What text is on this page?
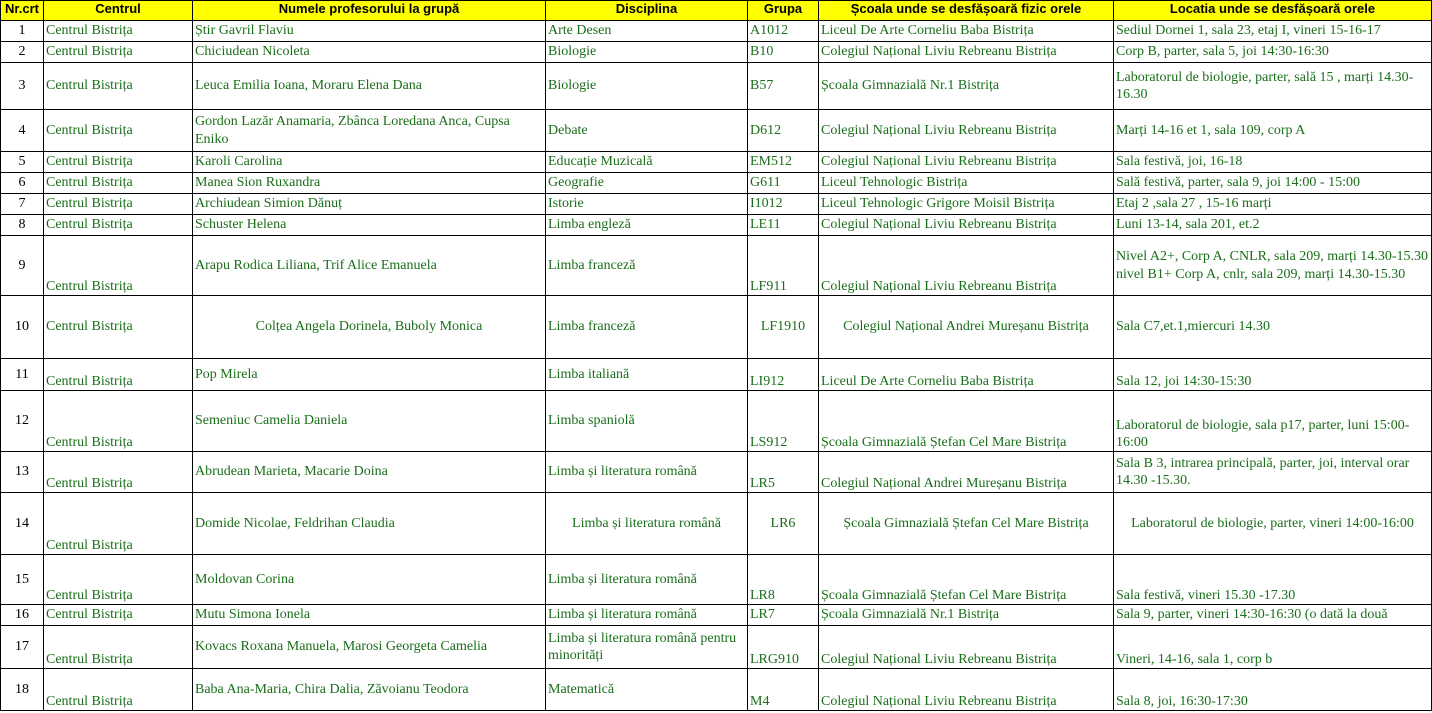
Nr.crt	Centrul	Numele profesorului la grupă	Disciplina	Grupa	Școala unde se desfășoară fizic orele	Locatia unde se desfășoară orele
1	Centrul Bistrița	Știr Gavril Flaviu	Arte Desen	A1012	Liceul De Arte Corneliu Baba Bistrița	Sediul Dornei 1, sala 23, etaj I, vineri 15-16-17
2	Centrul Bistrița	Chiciudean Nicoleta	Biologie	B10	Colegiul Național Liviu Rebreanu Bistrița	Corp B, parter, sala 5, joi 14:30-16:30
3	Centrul Bistrița	Leuca Emilia Ioana, Moraru Elena Dana	Biologie	B57	Școala Gimnazială Nr.1 Bistrița	Laboratorul de biologie, parter, sală 15 , marți 14.30- 16.30
4	Centrul Bistrița	Gordon Lazăr Anamaria, Zbânca Loredana Anca, Cupsa Eniko	Debate	D612	Colegiul Național Liviu Rebreanu Bistrița	Marți 14-16 et 1, sala 109, corp A
5	Centrul Bistrița	Karoli Carolina	Educație Muzicală	EM512	Colegiul Național Liviu Rebreanu Bistrița	Sala festivă, joi, 16-18
6	Centrul Bistrița	Manea Sion Ruxandra	Geografie	G611	Liceul Tehnologic Bistrița	Sală festivă, parter, sala 9, joi 14:00 - 15:00
7	Centrul Bistrița	Archiudean Simion Dănuț	Istorie	I1012	Liceul Tehnologic Grigore Moisil Bistrița	Etaj 2 ,sala 27 , 15-16 marți
8	Centrul Bistrița	Schuster Helena	Limba engleză	LE11	Colegiul Național Liviu Rebreanu Bistrița	Luni 13-14, sala 201, et.2
9	Centrul Bistrița	Arapu Rodica Liliana, Trif Alice Emanuela	Limba franceză	LF911	Colegiul Național Liviu Rebreanu Bistrița	Nivel A2+, Corp A, CNLR, sala 209, marți 14.30-15.30 nivel B1+ Corp A, cnlr, sala 209, marți 14.30-15.30
10	Centrul Bistrița	Colțea Angela Dorinela, Buboly Monica	Limba franceză	LF1910	Colegiul Național Andrei Mureșanu Bistrița	Sala C7,et.1,miercuri 14.30
11	Centrul Bistrița	Pop Mirela	Limba italiană	LI912	Liceul De Arte Corneliu Baba Bistrița	Sala 12, joi 14:30-15:30
12	Centrul Bistrița	Semeniuc Camelia Daniela	Limba spaniolă	LS912	Școala Gimnazială Ștefan Cel Mare Bistrița	Laboratorul de biologie, sala p17, parter, luni 15:00-16:00
13	Centrul Bistrița	Abrudean Marieta, Macarie Doina	Limba și literatura română	LR5	Colegiul Național Andrei Mureșanu Bistrița	Sala B 3, intrarea principală, parter, joi, interval orar 14.30 -15.30.
14	Centrul Bistrița	Domide Nicolae, Feldrihan Claudia	Limba și literatura română	LR6	Școala Gimnazială Ștefan Cel Mare Bistrița	Laboratorul de biologie, parter, vineri 14:00-16:00
15	Centrul Bistrița	Moldovan Corina	Limba și literatura română	LR8	Școala Gimnazială Ștefan Cel Mare Bistrița	Sala festivă, vineri 15.30 -17.30
16	Centrul Bistrița	Mutu Simona Ionela	Limba și literatura română	LR7	Școala Gimnazială Nr.1 Bistrița	Sala 9, parter, vineri 14:30-16:30 (o dată la două
17	Centrul Bistrița	Kovacs Roxana Manuela, Marosi Georgeta Camelia	Limba și literatura română pentru minorități	LRG910	Colegiul Național Liviu Rebreanu Bistrița	Vineri, 14-16, sala 1, corp b
18	Centrul Bistrița	Baba Ana-Maria, Chira Dalia, Zăvoianu Teodora	Matematică	M4	Colegiul Național Liviu Rebreanu Bistrița	Sala 8, joi, 16:30-17:30
